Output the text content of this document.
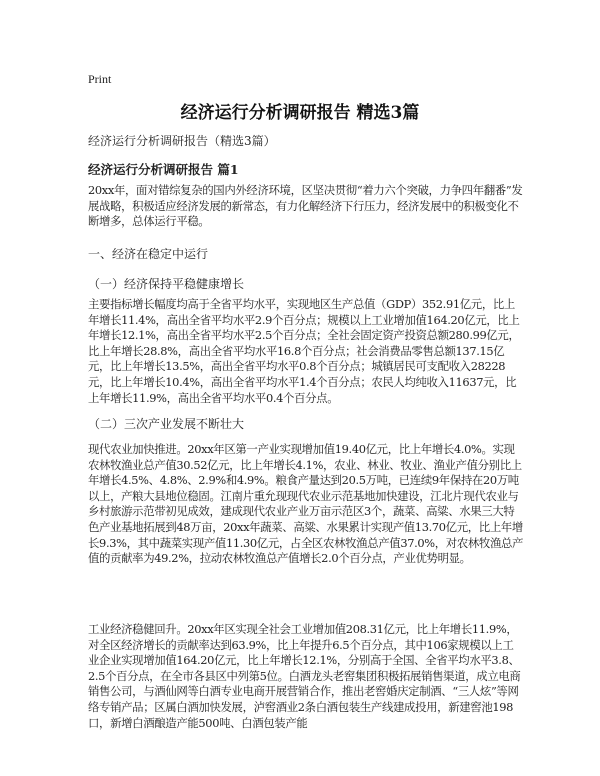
Print
经济运行分析调研报告 精选3篇
经济运行分析调研报告（精选3篇）
经济运行分析调研报告 篇1

20xx年，面对错综复杂的国内外经济环境，区坚决贯彻“着力六个突破，力争四年翻番”发展战略，积极适应经济发展的新常态，有力化解经济下行压力，经济发展中的积极变化不断增多，总体运行平稳。

一、经济在稳定中运行
（一）经济保持平稳健康增长

主要指标增长幅度均高于全省平均水平，实现地区生产总值（GDP）352.91亿元，比上年增长11.4%，高出全省平均水平2.9个百分点；规模以上工业增加值164.20亿元，比上年增长12.1%，高出全省平均水平2.5个百分点；全社会固定资产投资总额280.99亿元，比上年增长28.8%，高出全省平均水平16.8个百分点；社会消费品零售总额137.15亿元，比上年增长13.5%，高出全省平均水平0.8个百分点；城镇居民可支配收入28228元，比上年增长10.4%，高出全省平均水平1.4个百分点；农民人均纯收入11637元，比上年增长11.9%，高出全省平均水平0.4个百分点。

（二）三次产业发展不断壮大

现代农业加快推进。20xx年区第一产业实现增加值19.40亿元，比上年增长4.0%。实现农林牧渔业总产值30.52亿元，比上年增长4.1%，农业、林业、牧业、渔业产值分别比上年增长4.5%、4.8%、2.9%和4.9%。粮食产量达到20.5万吨，已连续9年保持在20万吨以上，产粮大县地位稳固。江南片重允现现代农业示范基地加快建设，江北片现代农业与乡村旅游示范带初见成效，建成现代农业产业万亩示范区3个，蔬菜、高粱、水果三大特色产业基地拓展到48万亩，20xx年蔬菜、高粱、水果累计实现产值13.70亿元，比上年增长9.3%，其中蔬菜实现产值11.30亿元，占全区农林牧渔总产值37.0%，对农林牧渔总产值的贡献率为49.2%，拉动农林牧渔总产值增长2.0个百分点，产业优势明显。

工业经济稳健回升。20xx年区实现全社会工业增加值208.31亿元，比上年增长11.9%，对全区经济增长的贡献率达到63.9%，比上年提升6.5个百分点，其中106家规模以上工业企业实现增加值164.20亿元，比上年增长12.1%，分别高于全国、全省平均水平3.8、2.5个百分点，在全市各县区中列第5位。白酒龙头老窖集团积极拓展销售渠道，成立电商销售公司，与酒仙网等白酒专业电商开展营销合作，推出老窖婚庆定制酒、“三人炫”等网络专销产品；区属白酒加快发展，泸窖酒业2条白酒包装生产线建成投用，新建窖池198口，新增白酒酿造产能500吨、白酒包装产能
